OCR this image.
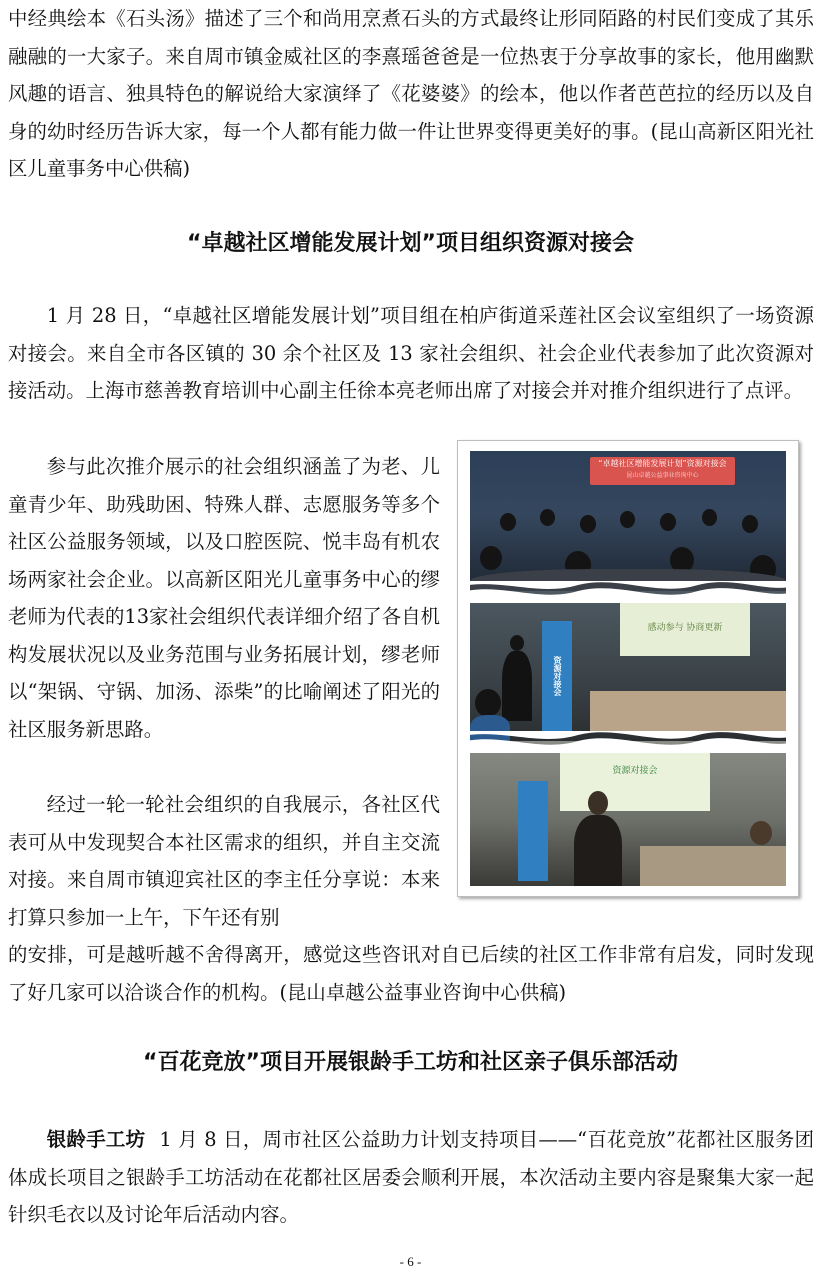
中经典绘本《石头汤》描述了三个和尚用烹煮石头的方式最终让形同陌路的村民们变成了其乐融融的一大家子。来自周市镇金威社区的李熹瑶爸爸是一位热衷于分享故事的家长，他用幽默风趣的语言、独具特色的解说给大家演绎了《花婆婆》的绘本，他以作者芭芭拉的经历以及自身的幼时经历告诉大家，每一个人都有能力做一件让世界变得更美好的事。(昆山高新区阳光社区儿童事务中心供稿)

“卓越社区增能发展计划”项目组织资源对接会

1 月 28 日，“卓越社区增能发展计划”项目组在柏庐街道采莲社区会议室组织了一场资源对接会。来自全市各区镇的 30 余个社区及 13 家社会组织、社会企业代表参加了此次资源对接活动。上海市慈善教育培训中心副主任徐本亮老师出席了对接会并对推介组织进行了点评。

参与此次推介展示的社会组织涵盖了为老、儿童青少年、助残助困、特殊人群、志愿服务等多个社区公益服务领域，以及口腔医院、悦丰岛有机农场两家社会企业。以高新区阳光儿童事务中心的缪老师为代表的13家社会组织代表详细介绍了各自机构发展状况以及业务范围与业务拓展计划，缪老师以“架锅、守锅、加汤、添柴”的比喻阐述了阳光的社区服务新思路。

经过一轮一轮社会组织的自我展示，各社区代表可从中发现契合本社区需求的组织，并自主交流对接。来自周市镇迎宾社区的李主任分享说：本来打算只参加一上午，下午还有别

的安排，可是越听越不舍得离开，感觉这些咨讯对自已后续的社区工作非常有启发，同时发现了好几家可以洽谈合作的机构。(昆山卓越公益事业咨询中心供稿)

“卓越社区增能发展计划”资源对接会
昆山卓越公益事业咨询中心
感动参与 协商更新
资源对接会
资源对接会
“百花竞放”项目开展银龄手工坊和社区亲子俱乐部活动

银龄手工坊 1 月 8 日，周市社区公益助力计划支持项目——“百花竞放”花都社区服务团体成长项目之银龄手工坊活动在花都社区居委会顺利开展，本次活动主要内容是聚集大家一起针织毛衣以及讨论年后活动内容。

- 6 -
